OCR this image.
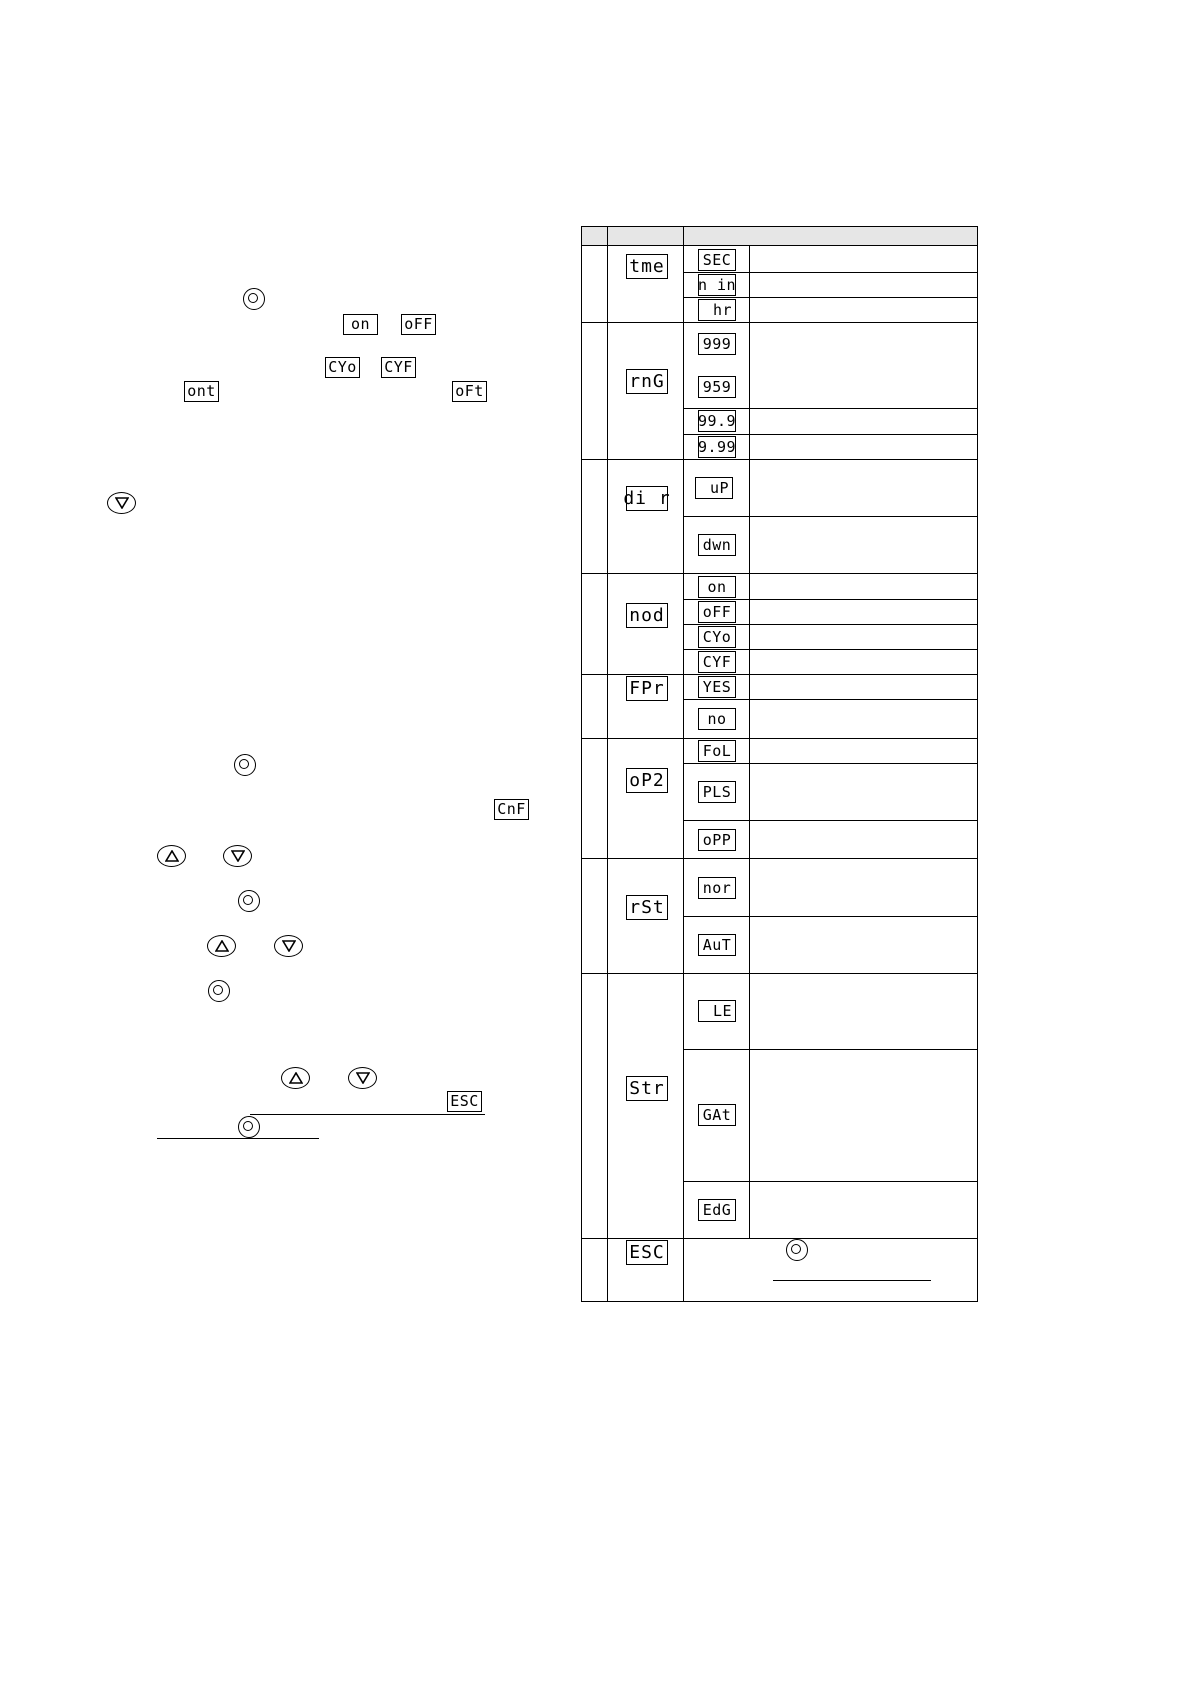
on	oFF
CYo CYF
ont	oFt
CnF
ESC
tme
rnG
di r
nod
FPr
oP2
rSt
Str
ESC
SEC
n in
hr
999
959
99.9
9.99
uP
dwn
on
oFF
CYo
CYF
YES
no
FoL
PLS
oPP
nor
AuT
LE
GAt
EdG
